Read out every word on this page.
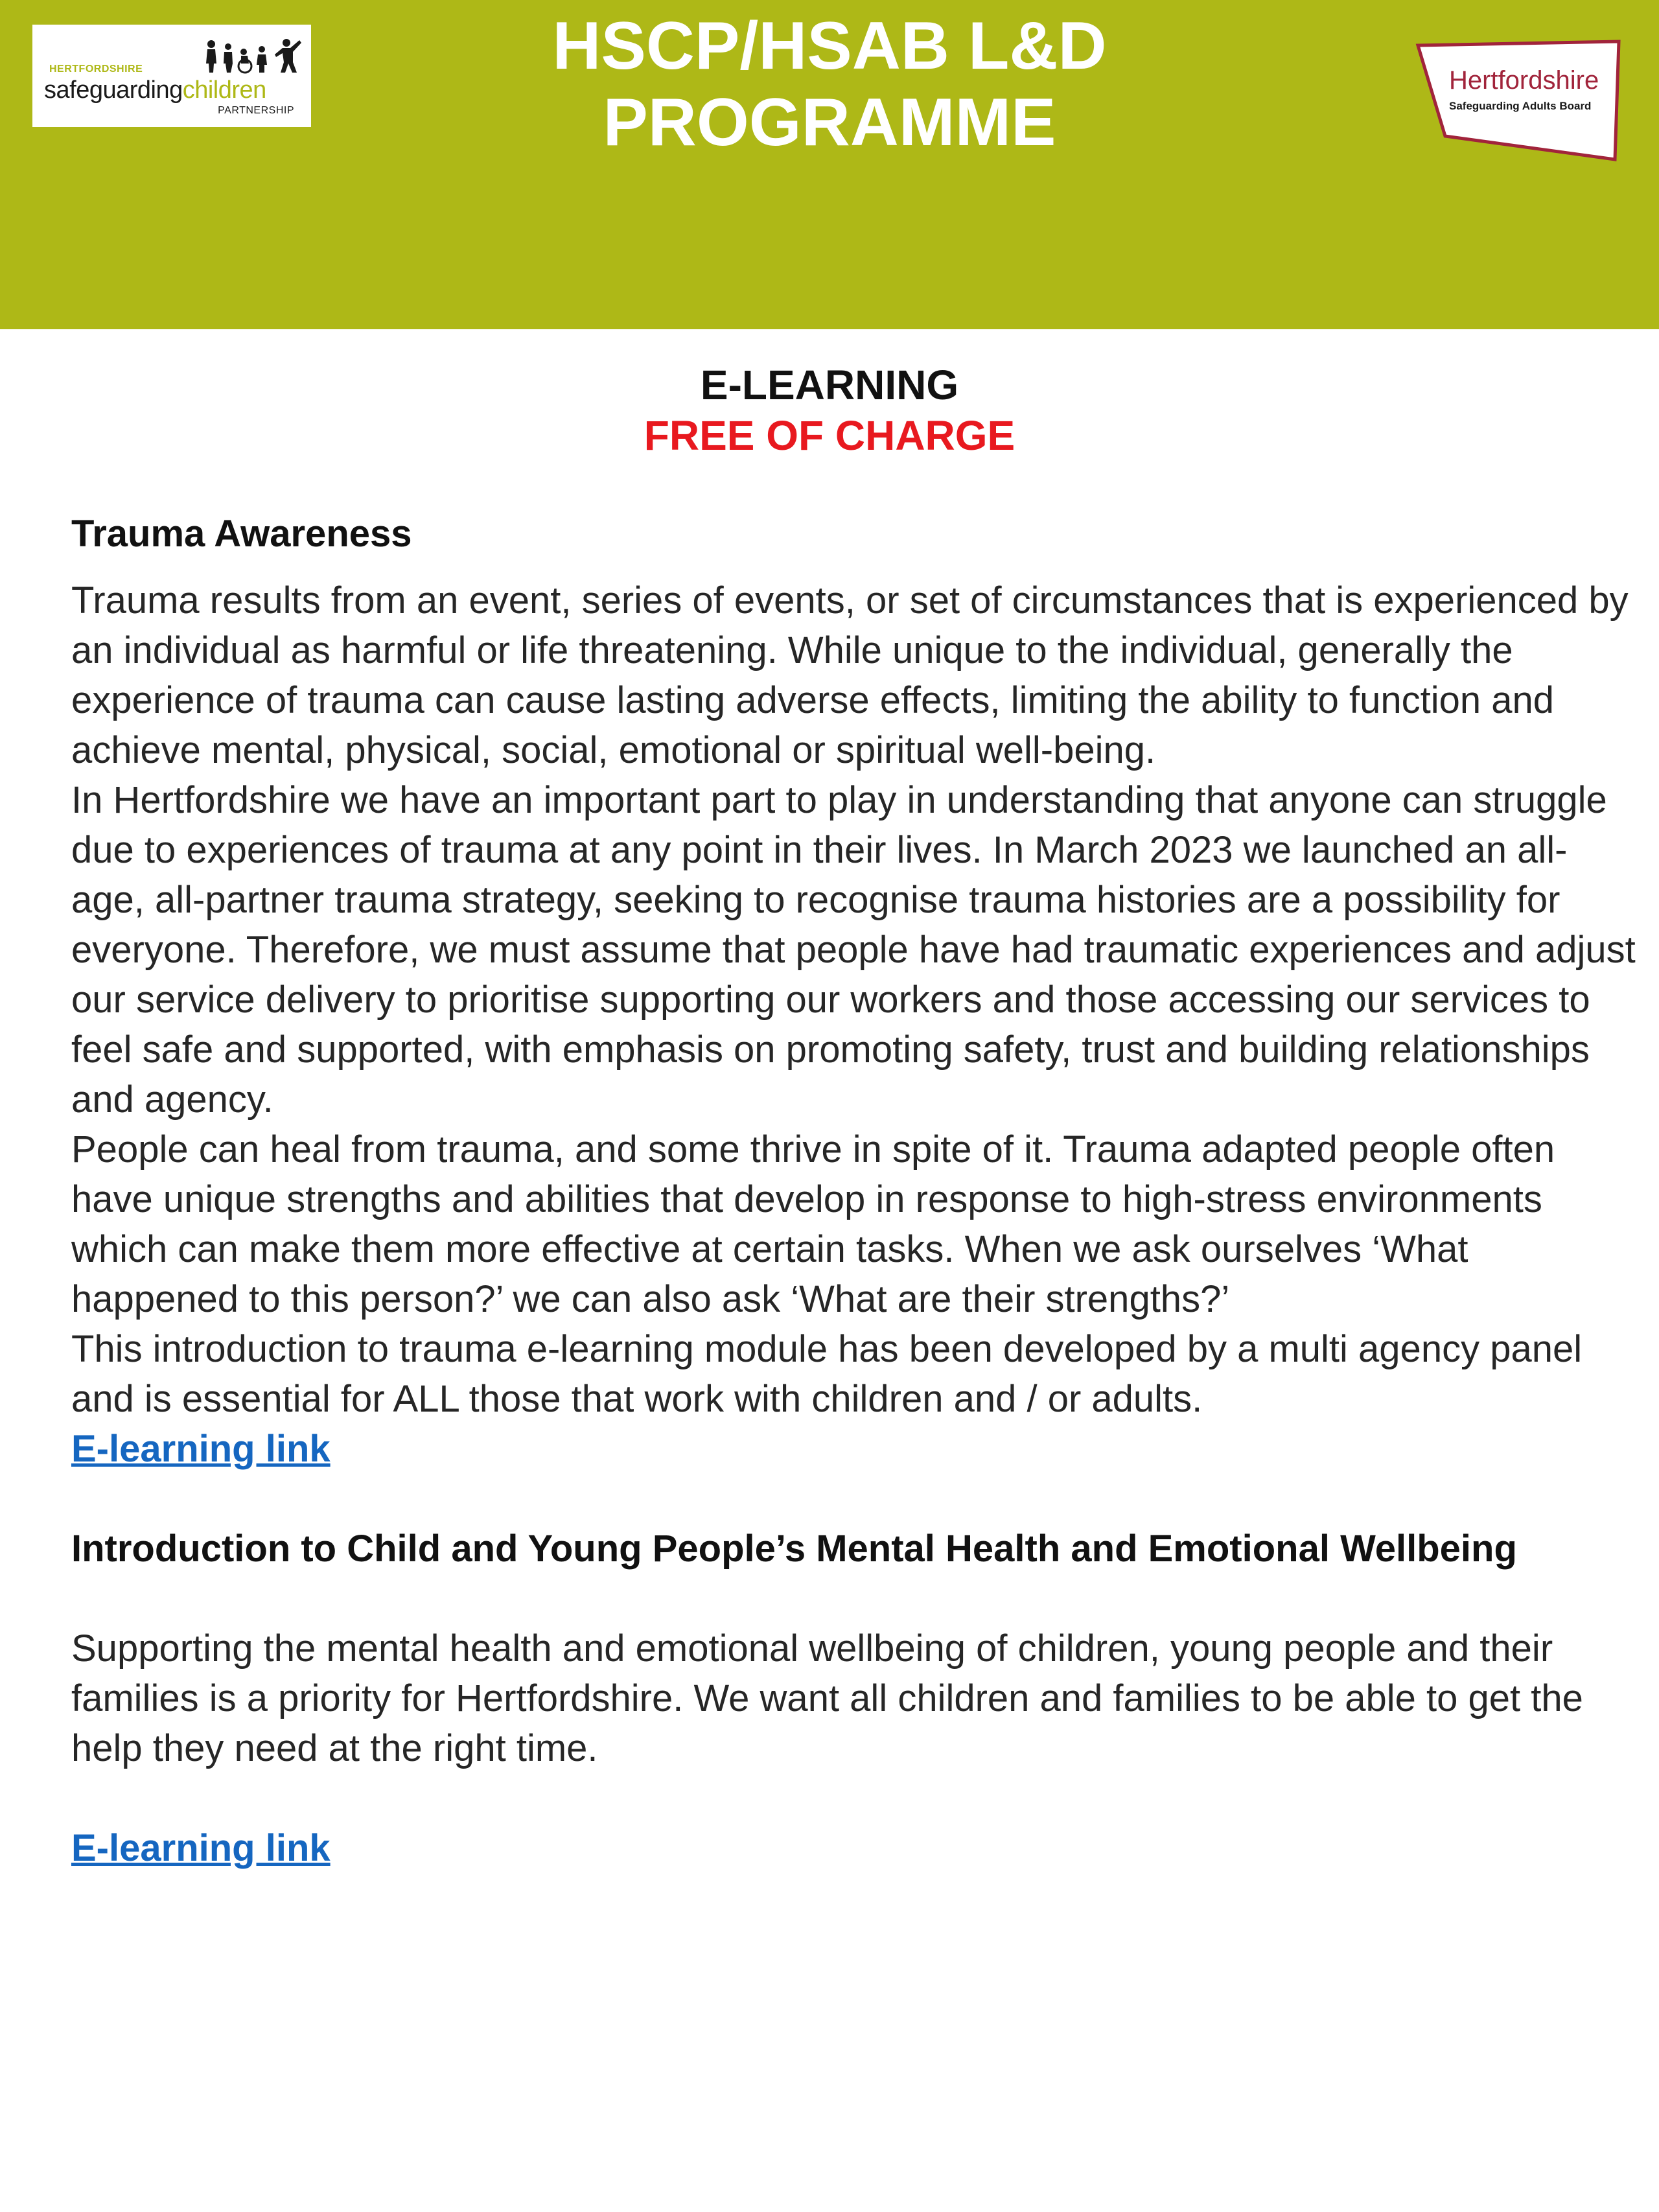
HERTFORDSHIRE
safeguardingchildren
PARTNERSHIP
HSCP/HSAB L&D
PROGRAMME
Hertfordshire
Safeguarding Adults Board
E-LEARNING
FREE OF CHARGE
Trauma Awareness

Trauma results from an event, series of events, or set of circumstances that is experienced by an individual as harmful or life threatening. While unique to the individual, generally the experience of trauma can cause lasting adverse effects, limiting the ability to function and achieve mental, physical, social, emotional or spiritual well-being.

In Hertfordshire we have an important part to play in understanding that anyone can struggle due to experiences of trauma at any point in their lives. In March 2023 we launched an all-age, all-partner trauma strategy, seeking to recognise trauma histories are a possibility for everyone. Therefore, we must assume that people have had traumatic experiences and adjust our service delivery to prioritise supporting our workers and those accessing our services to feel safe and supported, with emphasis on promoting safety, trust and building relationships and agency.

People can heal from trauma, and some thrive in spite of it. Trauma adapted people often have unique strengths and abilities that develop in response to high-stress environments which can make them more effective at certain tasks. When we ask ourselves ‘What happened to this person?’ we can also ask ‘What are their strengths?’

This introduction to trauma e-learning module has been developed by a multi agency panel and is essential for ALL those that work with children and / or adults.

E-learning link
Introduction to Child and Young People’s Mental Health and Emotional Wellbeing

Supporting the mental health and emotional wellbeing of children, young people and their families is a priority for Hertfordshire. We want all children and families to be able to get the help they need at the right time.

E-learning link
